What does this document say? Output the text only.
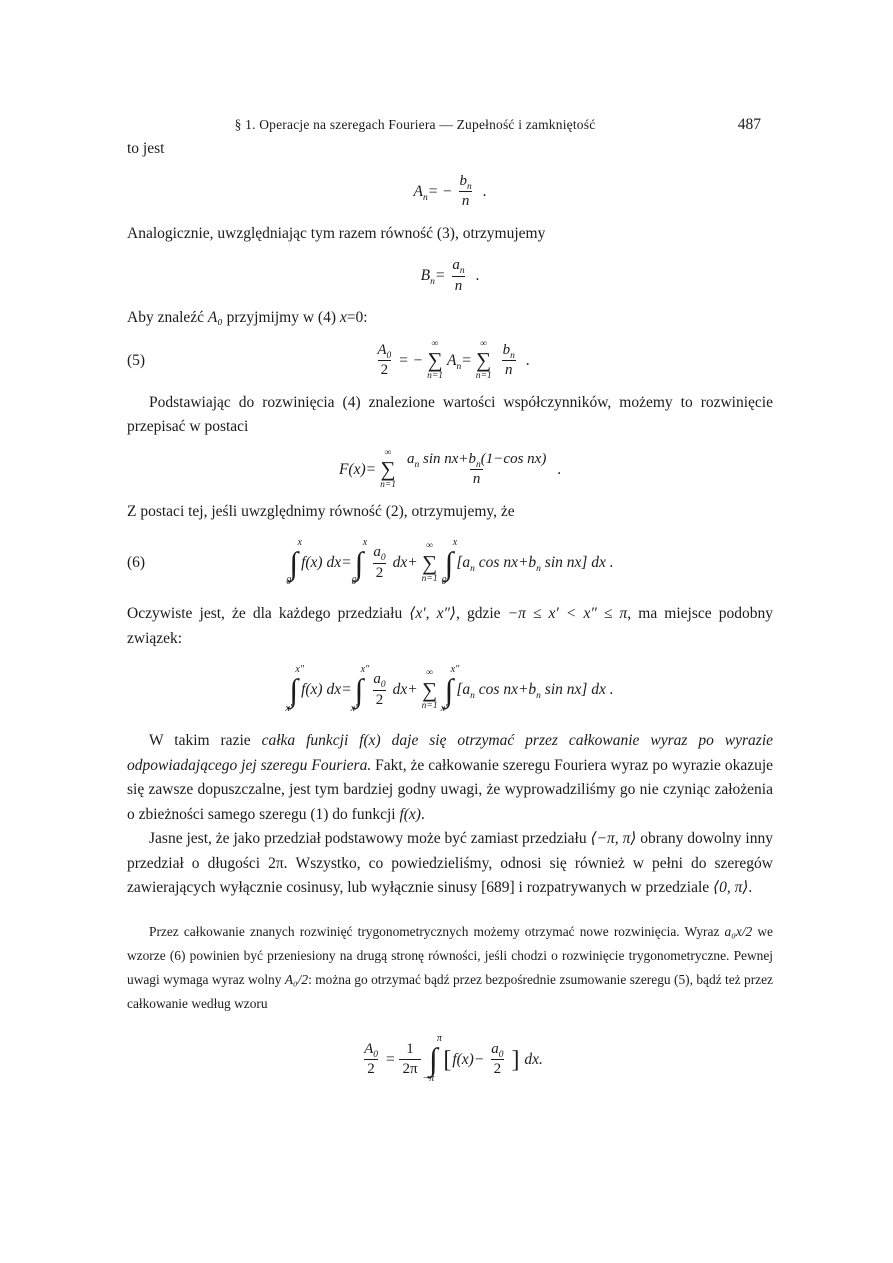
§ 1. Operacje na szeregach Fouriera — Zupełność i zamkniętość	487

to jest

$A_n= - \frac{b_n}{n}$ .

Analogicznie, uwzględniając tym razem równość (3), otrzymujemy

$B_n= \frac{a_n}{n}$ .

Aby znaleźć A₀ przyjmijmy w (4) x=0:

(5)	$\frac{A_0}{2}$ = −
∞
∑
n=1
$A_n=$
∞
∑
$n=1 \frac{b_n}{n}$ .

Podstawiając do rozwinięcia (4) znalezione wartości współczynników, możemy to rozwinięcie przepisać w postaci

F(x)=
∞
∑
$n=1 \frac{a_n \sin nx+b_n(1-\cos nx)}{n}$ .

Z postaci tej, jeśli uwzględnimy równość (2), otrzymujemy, że

(6)
x
∫
0
f(x) dx=
x
∫
0
$\frac{a_0}{2} dx+$
∞
∑
n=1
x
∫
0
[$a_n$ $\cos nx+b_n$ sin nx] dx .

Oczywiste jest, że dla każdego przedziału ⟨x′, x″⟩, gdzie −π ≤ x′ < x″ ≤ π, ma miejsce podobny związek:

x″
∫
x′
f(x) dx=
x″
∫
x′
$\frac{a_0}{2} dx+$
∞
∑
n=1
x″
∫
x′
[$a_n$ $\cos nx+b_n$ sin nx] dx .

W takim razie całka funkcji f(x) daje się otrzymać przez całkowanie wyraz po wyrazie odpowiadającego jej szeregu Fouriera. Fakt, że całkowanie szeregu Fouriera wyraz po wyrazie okazuje się zawsze dopuszczalne, jest tym bardziej godny uwagi, że wyprowadziliśmy go nie czyniąc założenia o zbieżności samego szeregu (1) do funkcji f(x).

Jasne jest, że jako przedział podstawowy może być zamiast przedziału ⟨−π, π⟩ obrany dowolny inny przedział o długości 2π. Wszystko, co powiedzieliśmy, odnosi się również w pełni do szeregów zawierających wyłącznie cosinusy, lub wyłącznie sinusy [689] i rozpatrywanych w przedziale ⟨0, π⟩.

Przez całkowanie znanych rozwinięć trygonometrycznych możemy otrzymać nowe rozwinięcia. Wyraz a₀x/2 we wzorze (6) powinien być przeniesiony na drugą stronę równości, jeśli chodzi o rozwinięcie trygonometryczne. Pewnej uwagi wymaga wyraz wolny A₀/2: można go otrzymać bądź przez bezpośrednie zsumowanie szeregu (5), bądź też przez całkowanie według wzoru

$\frac{A_0}{2} = \frac{1}{2\pi}$
π
∫
−π
[ $f(x)- \frac{a_0}{2}$ ] dx.
